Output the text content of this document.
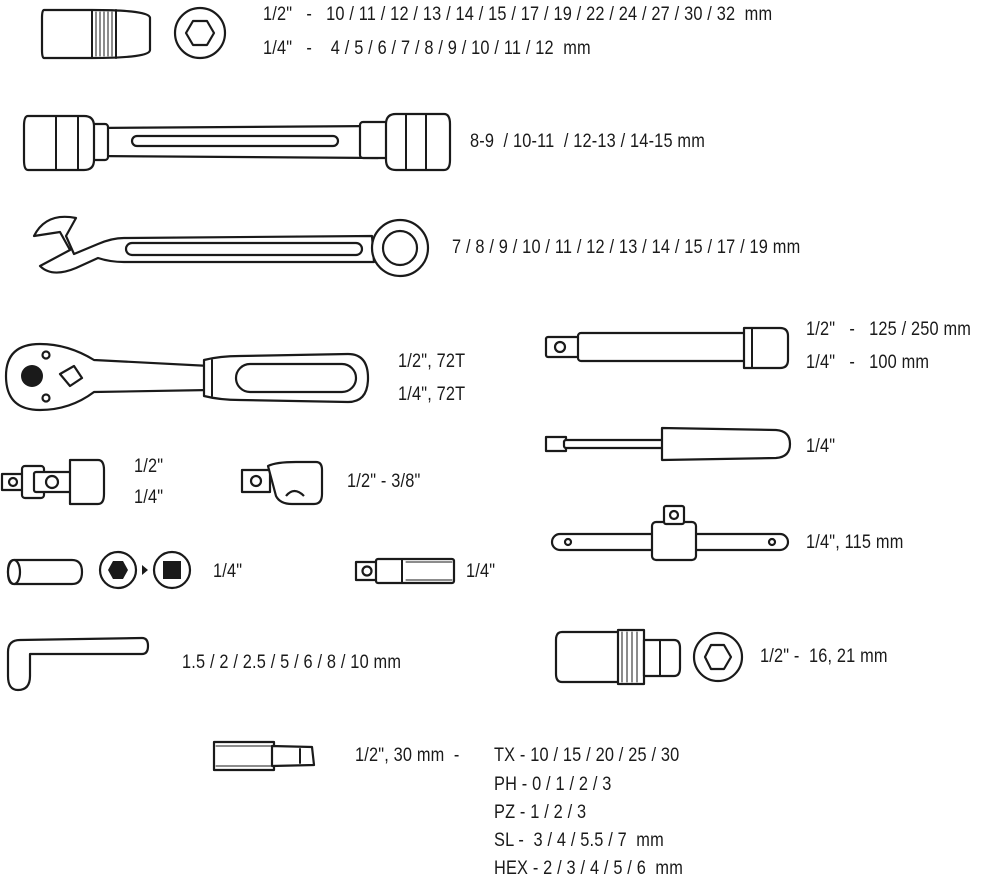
1/2"   -   10 / 11 / 12 / 13 / 14 / 15 / 17 / 19 / 22 / 24 / 27 / 30 / 32  mm
1/4"   -    4 / 5 / 6 / 7 / 8 / 9 / 10 / 11 / 12  mm
8-9  / 10-11  / 12-13 / 14-15 mm
7 / 8 / 9 / 10 / 11 / 12 / 13 / 14 / 15 / 17 / 19 mm
1/2", 72T
1/4", 72T
1/2"   -   125 / 250 mm
1/4"   -   100 mm
1/4"
1/2"
1/4"
1/2" - 3/8"
1/4", 115 mm
1/4"	1/4"
1.5 / 2 / 2.5 / 5 / 6 / 8 / 10 mm	1/2" -  16, 21 mm
1/2", 30 mm  - TX - 10 / 15 / 20 / 25 / 30
PH - 0 / 1 / 2 / 3
PZ - 1 / 2 / 3
SL -  3 / 4 / 5.5 / 7  mm
HEX - 2 / 3 / 4 / 5 / 6  mm
